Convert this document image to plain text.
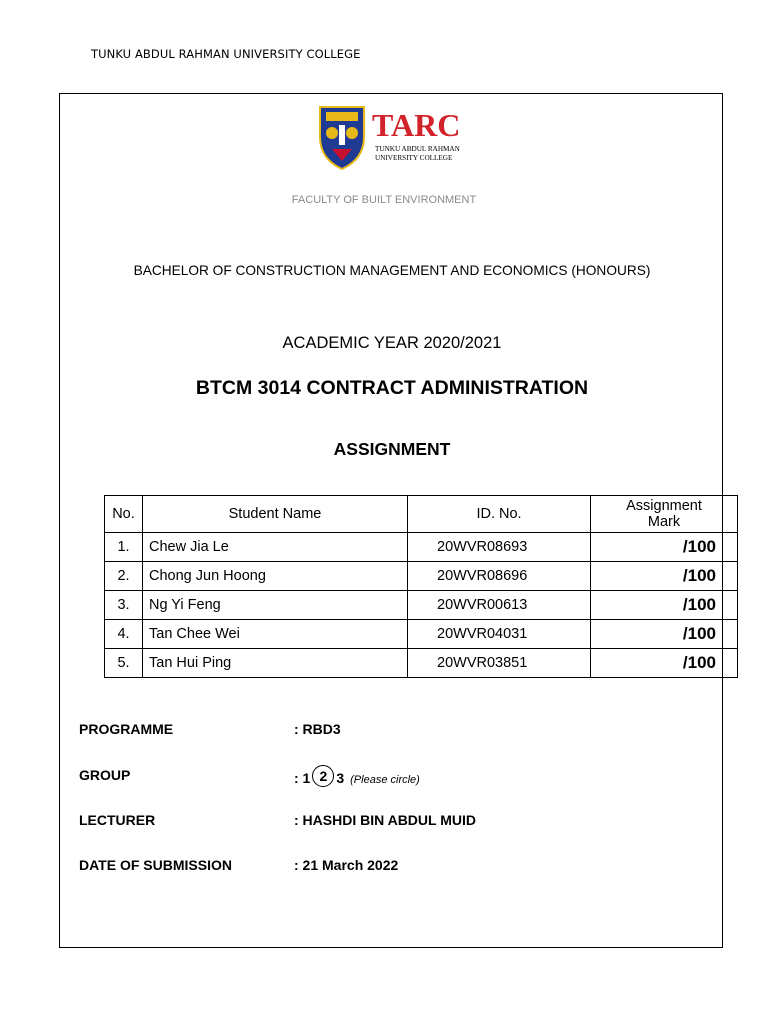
TUNKU ABDUL RAHMAN UNIVERSITY COLLEGE
TARC
TUNKU ABDUL RAHMAN
UNIVERSITY COLLEGE
FACULTY OF BUILT ENVIRONMENT
BACHELOR OF CONSTRUCTION MANAGEMENT AND ECONOMICS (HONOURS)
ACADEMIC YEAR 2020/2021
BTCM 3014 CONTRACT ADMINISTRATION
ASSIGNMENT
No.	Student Name	ID. No.	Assignment
Mark
1.	Chew Jia Le	20WVR08693	/100
2.	Chong Jun Hoong	20WVR08696	/100
3.	Ng Yi Feng	20WVR00613	/100
4.	Tan Chee Wei	20WVR04031	/100
5.	Tan Hui Ping	20WVR03851	/100
PROGRAMME	: RBD3
GROUP	: 1 2 3 (Please circle)
LECTURER	: HASHDI BIN ABDUL MUID
DATE OF SUBMISSION	: 21 March 2022
